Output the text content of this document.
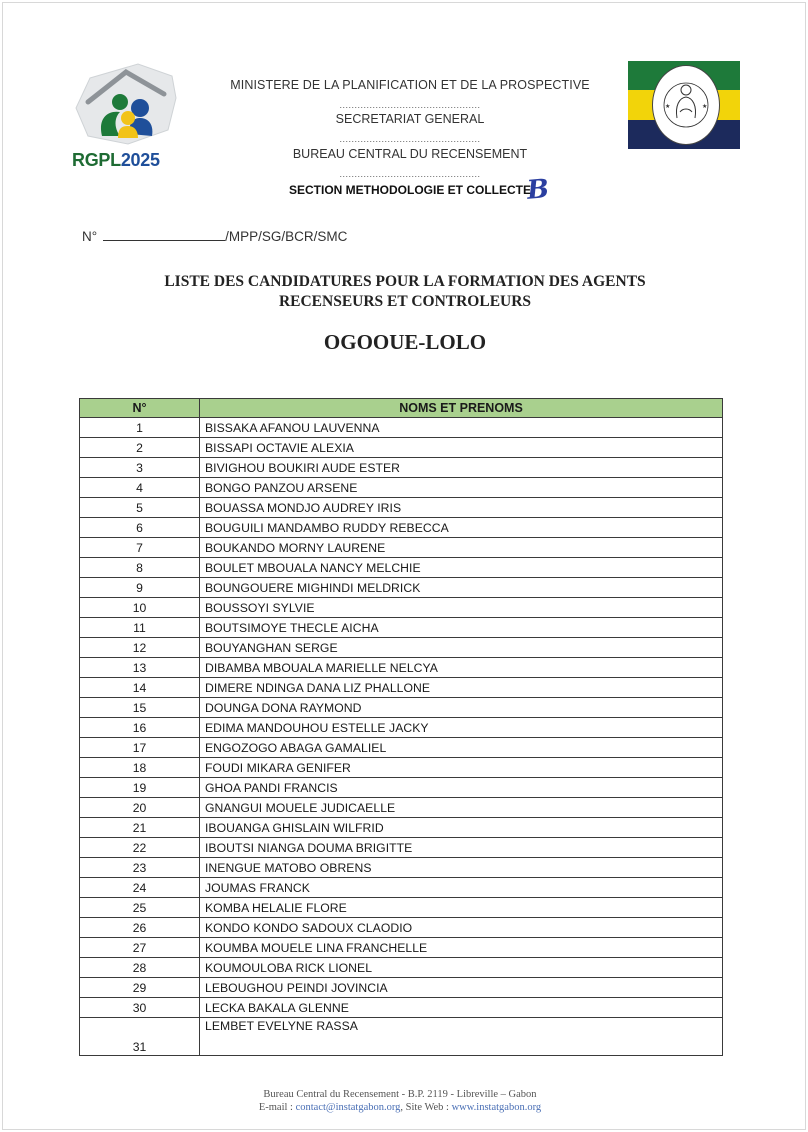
RGPL2025
MINISTERE DE LA PLANIFICATION ET DE LA PROSPECTIVE
...............................................
SECRETARIAT GENERAL
...............................................
BUREAU CENTRAL DU RECENSEMENT
...............................................
SECTION METHODOLOGIE ET COLLECTE
B
★	★
N°	/MPP/SG/BCR/SMC
LISTE DES CANDIDATURES POUR LA FORMATION DES AGENTS
RECENSEURS ET CONTROLEURS
OGOOUE-LOLO
N°	NOMS ET PRENOMS
1	BISSAKA AFANOU LAUVENNA
2	BISSAPI OCTAVIE ALEXIA
3	BIVIGHOU BOUKIRI AUDE ESTER
4	BONGO PANZOU ARSENE
5	BOUASSA MONDJO AUDREY IRIS
6	BOUGUILI MANDAMBO RUDDY REBECCA
7	BOUKANDO MORNY LAURENE
8	BOULET MBOUALA NANCY MELCHIE
9	BOUNGOUERE MIGHINDI MELDRICK
10	BOUSSOYI SYLVIE
11	BOUTSIMOYE THECLE AICHA
12	BOUYANGHAN SERGE
13	DIBAMBA MBOUALA MARIELLE NELCYA
14	DIMERE NDINGA DANA LIZ PHALLONE
15	DOUNGA DONA RAYMOND
16	EDIMA MANDOUHOU ESTELLE JACKY
17	ENGOZOGO ABAGA GAMALIEL
18	FOUDI MIKARA GENIFER
19	GHOA PANDI FRANCIS
20	GNANGUI MOUELE JUDICAELLE
21	IBOUANGA GHISLAIN WILFRID
22	IBOUTSI NIANGA DOUMA BRIGITTE
23	INENGUE MATOBO OBRENS
24	JOUMAS FRANCK
25	KOMBA HELALIE FLORE
26	KONDO KONDO SADOUX CLAODIO
27	KOUMBA MOUELE LINA FRANCHELLE
28	KOUMOULOBA RICK LIONEL
29	LEBOUGHOU PEINDI JOVINCIA
30	LECKA BAKALA GLENNE
31	LEMBET EVELYNE RASSA
Bureau Central du Recensement - B.P. 2119 - Libreville – Gabon
E-mail : contact@instatgabon.org, Site Web : www.instatgabon.org
